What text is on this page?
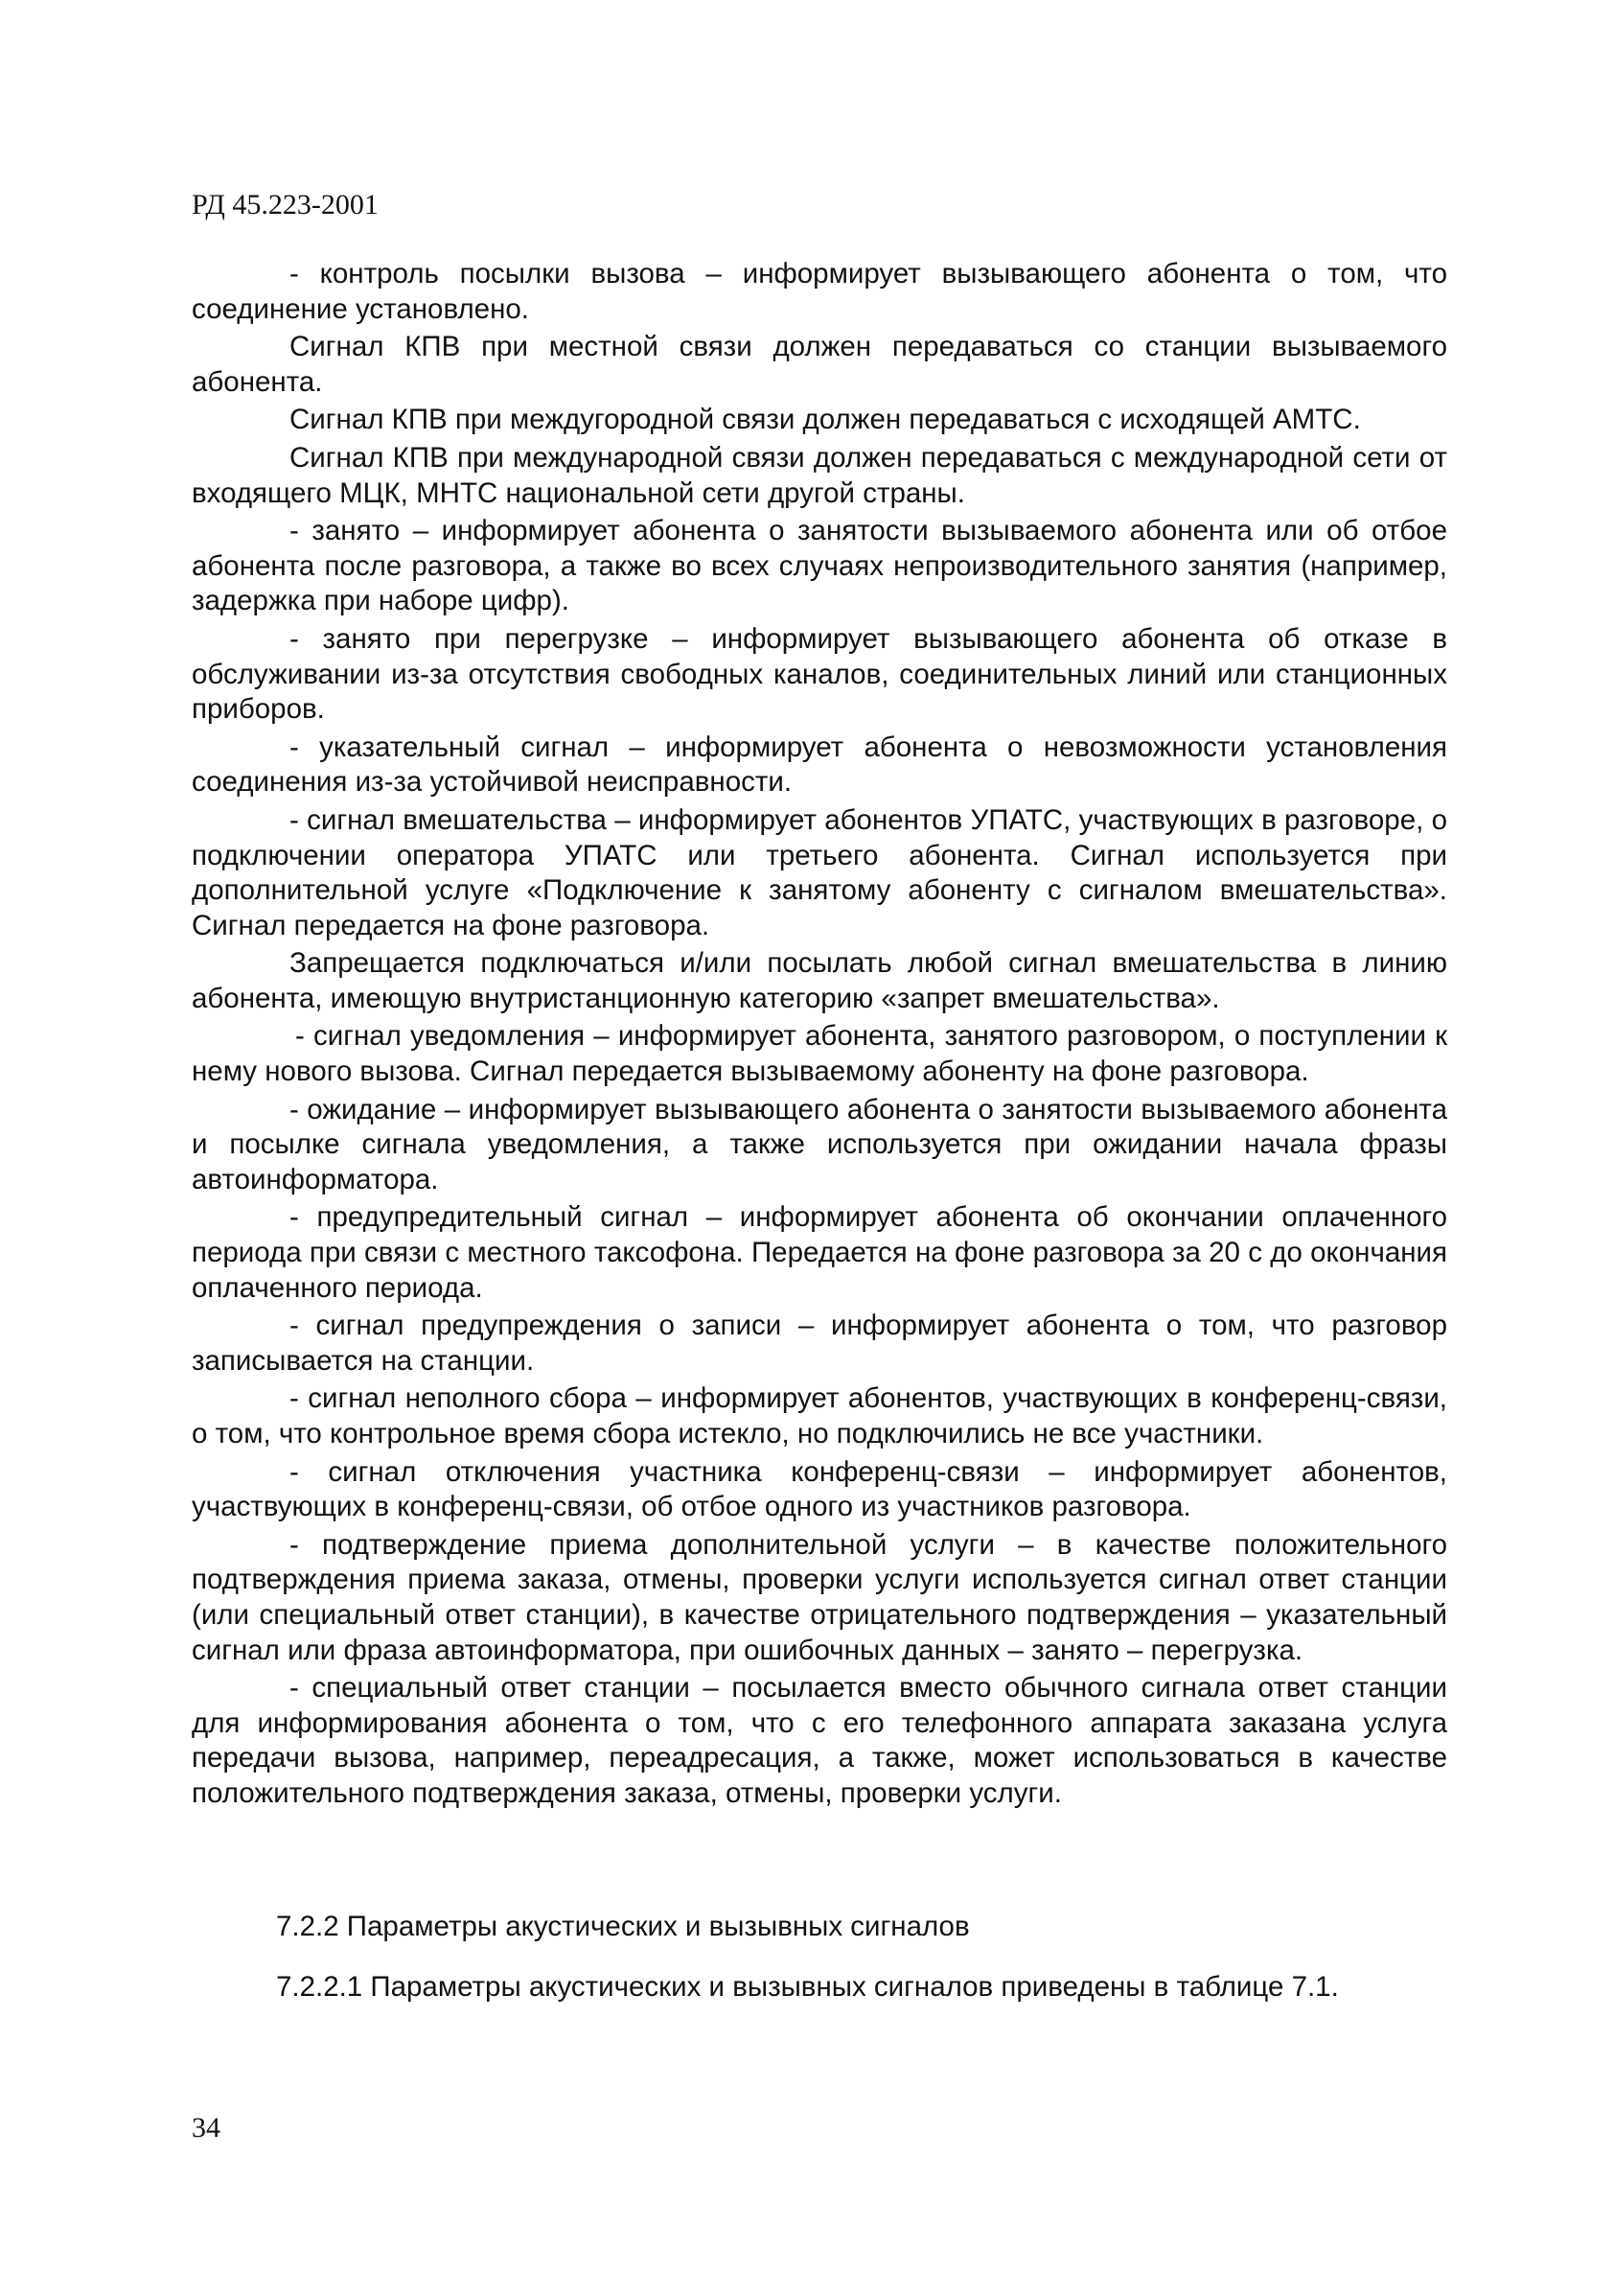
РД 45.223-2001

- контроль посылки вызова – информирует вызывающего абонента о том, что соединение установлено.

Сигнал КПВ при местной связи должен передаваться со станции вызываемого абонента.

Сигнал КПВ при междугородной связи должен передаваться с исходящей АМТС.

Сигнал КПВ при международной связи должен передаваться с международной сети от входящего МЦК, МНТС национальной сети другой страны.

- занято – информирует абонента о занятости вызываемого абонента или об отбое абонента после разговора, а также во всех случаях непроизводительного занятия (например, задержка при наборе цифр).

- занято при перегрузке – информирует вызывающего абонента об отказе в обслуживании из-за отсутствия свободных каналов, соединительных линий или станционных приборов.

- указательный сигнал – информирует абонента о невозможности установления соединения из-за устойчивой неисправности.

- сигнал вмешательства – информирует абонентов УПАТС, участвующих в разговоре, о подключении оператора УПАТС или третьего абонента. Сигнал используется при дополнительной услуге «Подключение к занятому абоненту с сигналом вмешательства». Сигнал передается на фоне разговора.

Запрещается подключаться и/или посылать любой сигнал вмешательства в линию абонента, имеющую внутристанционную категорию «запрет вмешательства».

- сигнал уведомления – информирует абонента, занятого разговором, о поступлении к нему нового вызова. Сигнал передается вызываемому абоненту на фоне разговора.

- ожидание – информирует вызывающего абонента о занятости вызываемого абонента и посылке сигнала уведомления, а также используется при ожидании начала фразы автоинформатора.

- предупредительный сигнал – информирует абонента об окончании оплаченного периода при связи с местного таксофона. Передается на фоне разговора за 20 с до окончания оплаченного периода.

- сигнал предупреждения о записи – информирует абонента о том, что разговор записывается на станции.

- сигнал неполного сбора – информирует абонентов, участвующих в конференц-связи, о том, что контрольное время сбора истекло, но подключились не все участники.

- сигнал отключения участника конференц-связи – информирует абонентов, участвующих в конференц-связи, об отбое одного из участников разговора.

- подтверждение приема дополнительной услуги – в качестве положительного подтверждения приема заказа, отмены, проверки услуги используется сигнал ответ станции (или специальный ответ станции), в качестве отрицательного подтверждения – указательный сигнал или фраза автоинформатора, при ошибочных данных – занято – перегрузка.

- специальный ответ станции – посылается вместо обычного сигнала ответ станции для информирования абонента о том, что с его телефонного аппарата заказана услуга передачи вызова, например, переадресация, а также, может использоваться в качестве положительного подтверждения заказа, отмены, проверки услуги.

7.2.2 Параметры акустических и вызывных сигналов

7.2.2.1 Параметры акустических и вызывных сигналов приведены в таблице 7.1.

34
